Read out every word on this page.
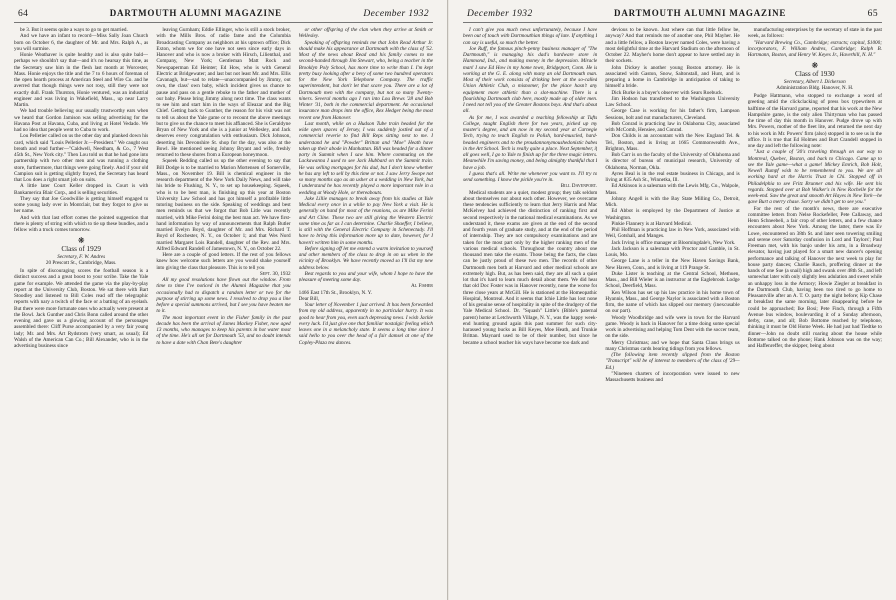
64	DARTMOUTH ALUMNI MAGAZINE	December 1932

be 3. But it seems quite a ways to go to get married.

And we have an infant to record—Miss Sally Joan Church born on October 6, the daughter of Mr. and Mrs. Ralph A., as you will surmise.

Honie Weathaver is quite healthy and is also quite bald—perhaps we shouldn't say that—and it's no hearsay this time, as the Secretary saw him in the flesh last month at Worcester, Mass. Honie enjoys the title and the 7 to 6 hours of foreman of the open hearth process at American Steel and Wire Co. and he averred that though things were not rosy, still they were not exactly dull. Frank Thurston, Honie ventured, was an industrial engineer and was living in Wakefield, Mass., up near Larry Martin.

We had trouble believing our usually trustworthy ears when we heard that Gordon Jamison was selling advertising for the Havana Post at Havana, Cuba, and living at Hotel Vedado. We had no idea that people went to Cuba to work.

Lou Pelletier called on us the other day and planked down his card, which said "Louis Pelletier Jr.—President." We caught our breath and read further—"Caldwell, Needham, & Co., 7 West 45th St., New York city." Then Lou told us that he had gone into partnership with two other men and was running a clothing store, furthermore, that things were going finely. And if your old Campion suit is getting slightly frayed, the Secretary has heard that Lou does a right smart job on suits.

A little later Court Keller dropped in. Court is with Bankamerica Blair Corp., and is selling securities.

They say that Joe Goodwillie is getting himself engaged to some young lady over in Montclair, but they forgot to give us her name.

And with that last effort comes the pointed suggestion that there is plenty of string with which to tie up these bundles, and a fellow with a truck comes tomorrow.

❋
Class of 1929
Secretary, F. W. Andres
20 Prescott St., Cambridge, Mass.

In spite of discouraging scores the football season is a distinct success and a great boost to your scribe. Take the Yale game for example. We attended the game via the play-by-play report at the University Club, Boston. We sat there with Bart Stoodley and listened to Bill Coles read off the telegraphic reports with nary a twitch of the face or a batting of an eyelash. But there were more fortunate ones who actually were present at the Bowl. Jack Gunther and Chris Bonn called around the other evening and gave us a glowing account of the personages assembled there: Cliff Purse accompanied by a very fair young lady; Mr. and Mrs. Art Rydstrom (very smart, as usual); Ed Walsh of the American Can Co.; Bill Alexander, who is in the advertising business since

leaving Gurnham; Eddie Ellinger, who is still a stock broker, with the Mills Bros. of radio fame and the Columbia Broadcasting Company as neighbors at his uptown office; Dick Exton, whom we for one have not seen since early days in Hanover and who is now a broker with Hirsch, Lilienthal, and Company, New York; Gentleman Matt Rock and Newspaperman Ed Heinter; Ed How, who is with General Electric at Bridgewater; and last but not least Mr. and Mrs. Ellis Cavanagh, but—sad to relate—unaccompanied by Jimmy, out own, the class' own baby, which incident gives us chance to pause and pass on a gentle rebuke to the father and mother of our baby. Please bring Jimmy along next time. The class wants to see him and start him in the ways of Eleazar and the Big Chief. Getting back to Gunther, the reason for his visit was not to tell us about the Yale game or to recount the above meetings but to give us the chance to meet his affianced. She is Geraldyne Bryan of New York and she is a junior at Wellesley, and Jack deserves every congratulation with enthusiasm. Dick Johnson, deserting his Devonshire St. shop for the day, was also at the Bowl. He mentioned seeing Johnny Bryant and wife, freshly returned to these shores from a European honeymoon.

Squeek Redding called us up the other evening to say that Bill Dodge is to be married to Marion Mortensen of Somerville, Mass., on November 19. Bill is chemical engineer in the research department of the New York Daily News, and will take his bride to Flushing, N. Y., to set up housekeeping. Squeek, who is to be best man, is finishing up this year at Boston University Law School and has got himself a profitable little tutoring business on the side. Speaking of weddings and best men reminds us that we forgot that Bob Litle was recently married, with Mike Ferini doing the best man act. We have first-hand information by way of announcements that Ralph Butler married Evelyn Boyd, daughter of Mr. and Mrs. Richard T. Boyd of Rochester, N. Y., on October 1; and that Wes Nord married Margaret Lois Randell, daughter of the Rev. and Mrs. Alfred Edward Randell of Jamestown, N. Y., on October 22.

Here are a couple of good letters. If the rest of you fellows knew how welcome such letters are you would shake yourself into giving the class that pleasure. This is to tell you

Sept. 30, 1932

All my good resolutions have flown out the window. From time to time I've noticed in the Alumni Magazine that you occasionally had to dispatch a random letter or two for the purpose of stirring up some news. I resolved to drop you a line before a special summons arrived, but I see you have beaten me to it.

The most important event in the Fisher family in the past decade has been the arrival of James Mackey Fisher, now aged 13 months, who manages to keep his parents in hot water most of the time. He's all set for Dartmouth '53, and no doubt intends to have a date with Chan Bete's daughter

or other offspring of the clan when they arrive at Smith or Wellesley.

Speaking of offspring reminds me that John Read Arthur Jr. should make his appearance at Dartmouth with the class of '52. Most of the news about Read and his family comes to me second-handed through Jim Stewart, who, being a teacher in the Brooklyn Poly School, has more time to write than I. I'm kept pretty busy looking after a bevy of some two hundred operators for the New York Telephone Company. The traffic superintendent, but don't let that scare you. There are a lot of Dartmouth men with the company, but not so many Twenty-niners. Several months ago I ran into Lou Brews '28 and Bob Winter '31, both in the commercial department. An occasional insurance man drops into the office, Rex Hedger being the most recent one from Hanover.

Last month, while on a Hudson Tube train headed for the wide open spaces of Jersey, I was suddenly jostled out of a commercial reverie to find Bill Reps sitting next to me. I understand he and "Powder" Brittan and "Moe" Heath have taken up their abode in Manhattan. Bill was headed for a dinner party in Summit when I saw him. Where commuting on the Lackawanna I used to see Jack Hubbard on the Summit train. He was selling mortgages for his dad, but I don't know whether he has any left to sell by this time or not. I saw Jerry Swope not so many months ago as an usher at a wedding in New York, but I understand he has recently played a more important role in a wedding at Woody Hole, or thereabouts.

Jake Lillie manages to break away from his studies at Yale Medical every once in a while to pay New York a visit. He is generally on hand for most of the reunions, as are Mike Ferini and Art Cline. These two are still giving the Western Electric some time as far as I can determine. Charlie Shaeffer, I believe, is still with the General Electric Company in Schenectady. I'll have to bring this information more up to date, however, for I haven't written him in some months.

Before signing off let me extend a warm invitation to yourself and other members of the class to drop in on us when in the vicinity of Brooklyn. We have recently moved so I'll list my new address below.

Best regards to you and your wife, whom I hope to have the pleasure of meeting some day.

Al Fisher

1466 East 17th St., Brooklyn, N. Y.

Dear Bill,

Your letter of November 1 just arrived. It has been forwarded from my old address, apparently in no particular hurry. It was good to hear from you, even such depressing news. I wish Jackie every luck. I'd just give one that familiar nostalgic feeling which leaves one in a melancholy state. It seems a long time since I said hello to you over the head of a fair damsel at one of the Copley-Plaza tea dances.

December 1932	DARTMOUTH ALUMNI MAGAZINE	65

I can't give you much news unfortunately, because I have been out of touch with Dartmouthian things of late. If anything I can say is useful, so much the better.

Joe Ruff, the famous pinch-penny business manager of "The Dartmouth," is managing his dad's hardware store in Hammond, Ind., and making money in the depression. Miracle man! I saw Ed How in my home town, Bridgeport, Conn. He is working at the G. E. along with many an old Dartmouth man. Most of their work consists of drinking beer at the so-called Union Athletic Club, a misnomer, for the place hasn't any equipment more athletic than a slot-machine. There is a flourishing Dartmouth club here, mostly made up of older men. I need not tell you of the Greater Bostons boys. And that's about all.

As for me, I was awarded a teaching fellowship at Tufts College, taught English there for two years, picked up my master's degree, and am now in my second year at Carnegie Tech, trying to teach English to Polish, hard-muscled, hard-headed engineers and to the proudannonymoushedonistic babes in the Art School. Tech is really quite a place. Next September, if all goes well, I go to Yale to finish up for the three magic letters. Meanwhile I'm saving money, and being almighty thankful that I have a job.

I guess that's all. Write me whenever you want to. I'll try to send something. I know the pickle you're in.

Bill Davenport.

Medical students are a quiet, modest group; they talk seldom about themselves nor about each other. However, we overcame these tendencies sufficiently to learn that Jerry Harris and Mac McKelvey had achieved the distinction of ranking first and second respectively in the national medical examinations. As we understand it, these exams are given at the end of the second and fourth years of graduate study, and at the end of the period of internship. They are not compulsory examinations and are taken for the most part only by the higher ranking men of the various medical schools. Throughout the country about one thousand men take the exams. Those being the facts, the class can be justly proud of these two men. The records of other Dartmouth men both at Harvard and other medical schools are extremely high. But, as has been said, they are all such a quiet lot that it's hard to learn much detail about them. We did hear that old Doc Foster was in Hanover recently, none the worse for three close years at McGill. He is stationed at the Homeopathic Hospital, Montreal. And it seems that Ichie Little has lost none of his genuine sense of hospitality in spite of the drudgery of the Yale Medical School. Dr. "Squash" Little's (Bible's paternal parent) home at Letchworth Village, N. Y., was the happy week-end hunting ground again this past summer for such city-harassed young bucks as Bill Keyes, Moe Heath, and Trunkie Brittan. Maynard used to be of their number, but since he became a school teacher his ways have become too dark and

devious to be known. Just where can that little fellow be, anyway? And that reminds me of another one, Phil Mayher. He and a little fellow, a Boston lawyer named Coles, were having a most delightful time at the Harvard Stadium on the afternoon of October 22. Mayher's home don't appear to have settled any in their sockets.

John Dickey is another young Boston attorney. He is associated with Gaston, Snow, Saltonstall, and Hunt, and is preparing a home in Cambridge in anticipation of taking to himself a bride.

Dick Burke is a buyer's observer with Sears Roebuck.

Jim Hodson has transferred to the Washington University Law School.

George Case is working for his father's firm, Lampson Sessions, bolt and nut manufacturers, Cleveland.

Bob Conrad is practicing law in Oklahoma City, associated with McComb, Hensiee, and Conrad.

Don Childs is an accountant with the New England Tel. & Tel., Boston, and is living at 1665 Commonwealth Ave., Brighton, Mass.

Bob Carr is on the faculty of the University of Oklahoma and is director of bureau of municipal research, University of Oklahoma, Norman, Okla.

Ayres Beal is in the real estate business in Chicago, and is living at 835 Ash St., Winnetka, Ill.

Ed Atkinson is a salesman with the Lewis Mfg. Co., Walpole, Mass.

Johnny Angell is with the Bay State Milling Co., Detroit, Mich.

Ed Abbot is employed by the Department of Justice at Washington.

Pinkie Flannery is at Harvard Medical.

Phil Hoffman is practicing law in New York, associated with Weil, Gotshall, and Manges.

Jack Irving is office manager at Bloomingdale's, New York.

Jack Jackson is a salesman with Proctor and Gamble, in St. Louis, Mo.

George Lane is a teller in the New Haven Savings Bank, New Haven, Conn., and is living at 119 Prange St.

Duke Lister is teaching at the Central School, Methuen, Mass., and Bill Wieler is an instructor at the Eaglebrook Lodge School, Deerfield, Mass.

Ken Wilson has set up his law practice in his home town of Hyannis, Mass., and George Naylor is associated with a Boston firm, the name of which has slipped our memory (inexcusable on our part).

Woody Woodbridge and wife were in town for the Harvard game. Woody is back in Hanover for a time doing some special work in advertising and helping Tom Dent with the soccer team, on the side.

Merry Christmas; and we hope that Santa Claus brings us many Christmas cards bearing tidings from you fellows.

(The following item recently slipped from the Boston "Transcript" will be of interest to members of the class of '29—Ed.)

"Nineteen charters of incorporation were issued to new Massachusetts business and

manufacturing enterprises by the secretary of state in the past week, as follows:

"Harvard Brewing Co., Cambridge; extracts; capital, $1000; incorporators, F. William Andres, Cambridge; Ralph B. Hartmann, Boston, and Henry W. Keyes Jr., Haverhill, N. H."

❋
Class of 1930
Secretary, Albert I. Dickerson
Administration Bldg. Hanover, N. H.

Pudge Hattmann, who stopped to exchange a word of greeting amid the clickclacking of press box typewriters at halftime of the Harvard game, reported that his work at the New Hampshire game, is the only alien Thirtyman who has passed the time of day this month in Hanover. Pudge drove up with Mrs. Powers, mother of the fleet lite, and returned the next day to his work in Mr. Powers' firm (also) stopped in to see us in the office. It is true that Ed Holmes and Burt Crandell stopped in one day and left the following note:

"Just a couple of '30's traveling through on our way to Montreal, Quebec, Boston, and back to Chicago. Came up to see the Yale game—what a game! Mickey Emrich, Bob Holt, Newell Rumpf wish to be remembered to you. We are all working hard at the Harris Trust in Chi. Stopped off in Philadelphia to see Fritz Brunner and his wife. He sent his regards. Stopped over at Bob Walker's in New Rochelle for the week-end. Saw the great and smooth Art Hayes in New York—he gave Burt a merry chase. Sorry we didn't get to see you."

For the rest of the month's news, there are executive committee letters from Nelse Rockefeller, Pete Callaway, and Henn Schneebeli, a fair crop of other letters, and a few chance encounters about New York. Among the latter, there was Ev Lowe, encountered on 38th St. and later seen towering smiling and serene over Saturday confusion in Lord and Taylors'; Paul Freeman met, with his banjo under his arm, in a Broadway elevator, having just played for a smart new dancer's opening performance and talking of Hanover the next week to play for house party dances; Charlie Rauch, proffering dinner at the hands of one Sue (a snail) high and swank over 48th St., and left somewhat later with only slightly less adulation and sweet while an unhappy loss in the Armory; Howie Ziegler at breakfast in the Dartmouth Club, having been too tired to go home to Pleasantville after an A. T. O. party the night before; Kip Chase at breakfast the same morning, later disappearing before he could be approached; Ike Bosi; Pete Finch, through a Fifth Avenue bus window, boulevarding it of a Sunday afternoon, derby, cane, and all; Bob Bottome reached by telephone, thinking it must be Old Home Week. He had just had Tiedtke to dinner—John no doubt still roaring about the house while Bottome talked on the phone; Hank Johnson was on the way; and Haffenreffer, the skipper, being about
